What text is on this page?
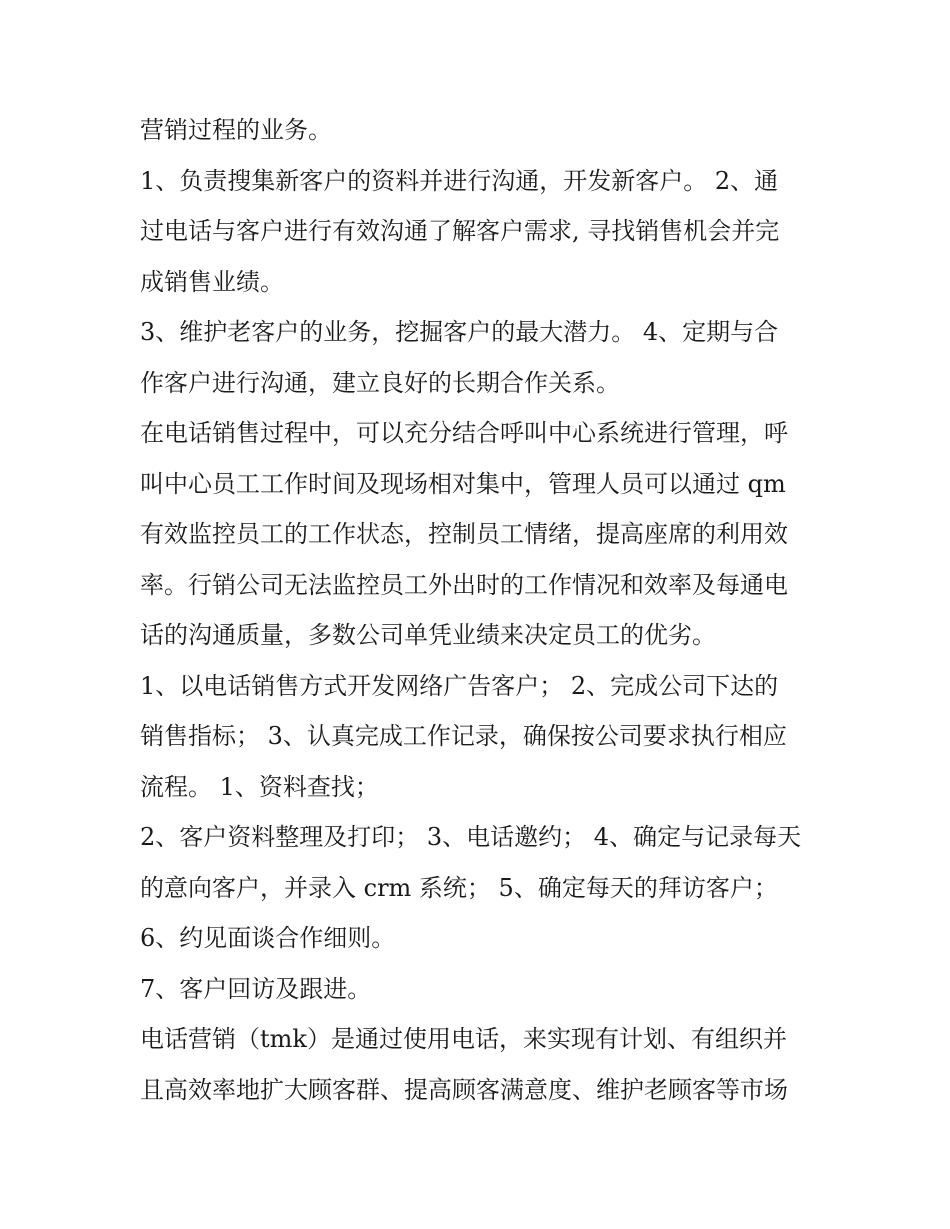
营销过程的业务。
1、负责搜集新客户的资料并进行沟通，开发新客户。 2、通
过电话与客户进行有效沟通了解客户需求, 寻找销售机会并完
成销售业绩。
3、维护老客户的业务，挖掘客户的最大潜力。 4、定期与合
作客户进行沟通，建立良好的长期合作关系。
在电话销售过程中，可以充分结合呼叫中心系统进行管理，呼
叫中心员工工作时间及现场相对集中，管理人员可以通过 qm
有效监控员工的工作状态，控制员工情绪，提高座席的利用效
率。行销公司无法监控员工外出时的工作情况和效率及每通电
话的沟通质量，多数公司单凭业绩来决定员工的优劣。
1、以电话销售方式开发网络广告客户； 2、完成公司下达的
销售指标； 3、认真完成工作记录，确保按公司要求执行相应
流程。 1、资料查找；
2、客户资料整理及打印； 3、电话邀约； 4、确定与记录每天
的意向客户，并录入 crm 系统； 5、确定每天的拜访客户；
6、约见面谈合作细则。
7、客户回访及跟进。
电话营销（tmk）是通过使用电话，来实现有计划、有组织并
且高效率地扩大顾客群、提高顾客满意度、维护老顾客等市场
